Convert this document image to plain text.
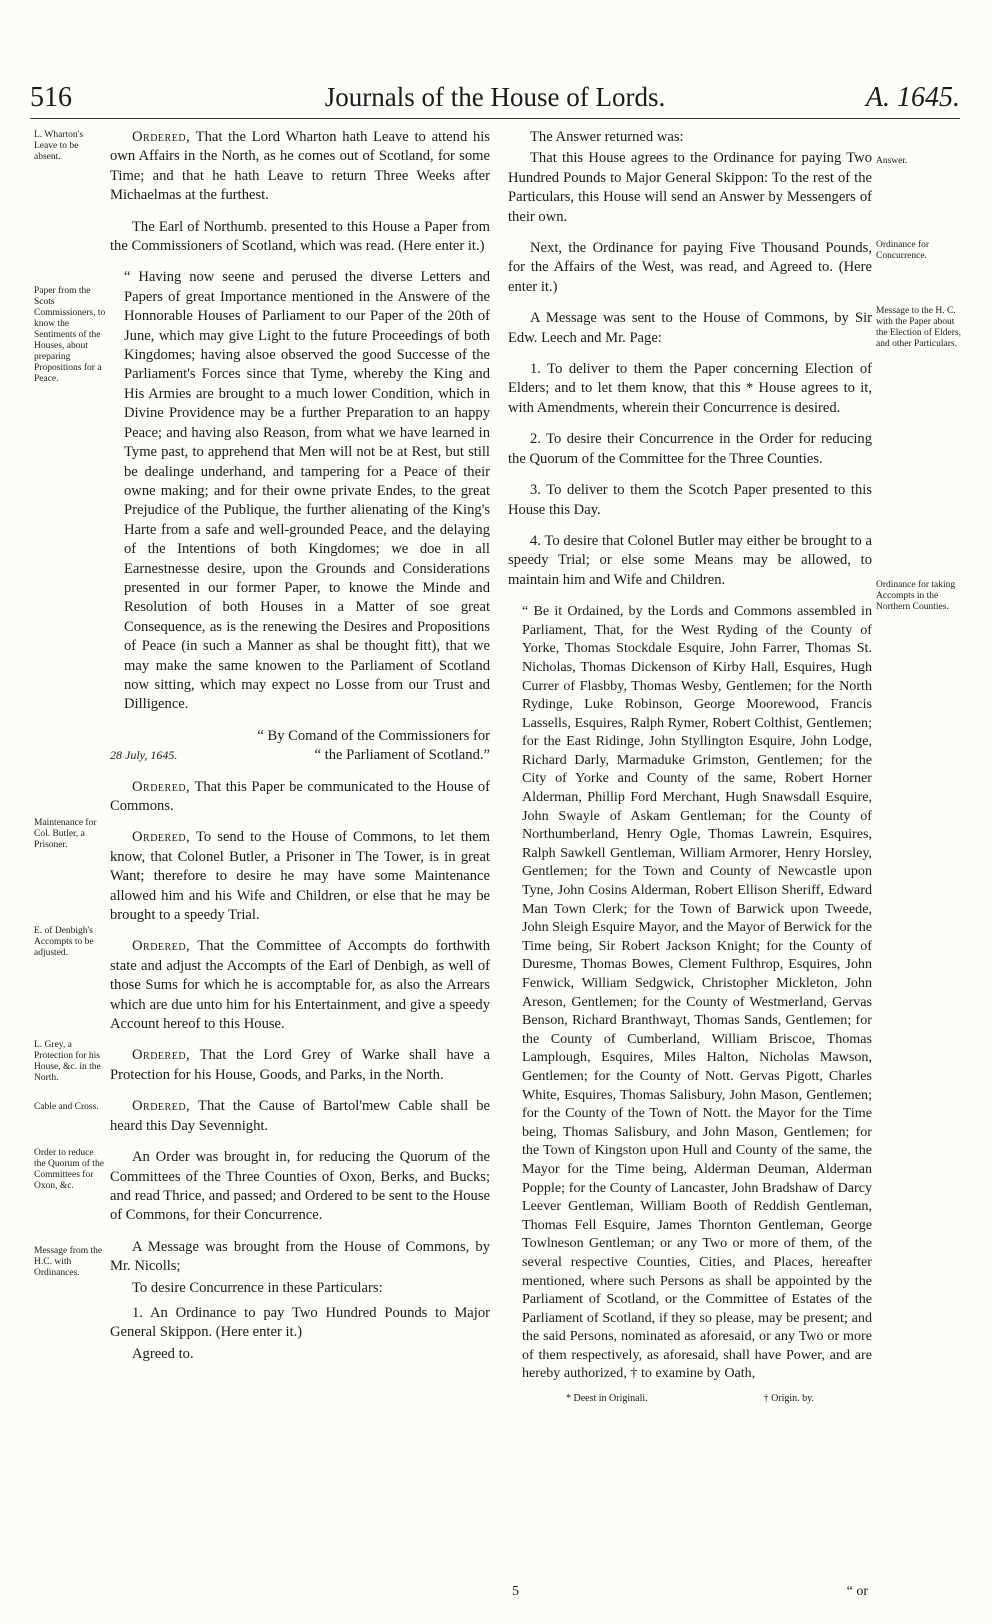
516	Journals of the House of Lords.	A. 1645.
L. Wharton's Leave to be absent.
Paper from the Scots Commissioners, to know the Sentiments of the Houses, about preparing Propositions for a Peace.
Maintenance for Col. Butler, a Prisoner.
E. of Denbigh's Accompts to be adjusted.
L. Grey, a Protection for his House, &c. in the North.
Cable and Cross.
Order to reduce the Quorum of the Committees for Oxon, &c.
Message from the H.C. with Ordinances.
Answer.
Ordinance for Concurrence.
Message to the H. C. with the Paper about the Election of Elders, and other Particulars.
Ordinance for taking Accompts in the Northern Counties.

Ordered, That the Lord Wharton hath Leave to attend his own Affairs in the North, as he comes out of Scotland, for some Time; and that he hath Leave to return Three Weeks after Michaelmas at the furthest.

The Earl of Northumb. presented to this House a Paper from the Commissioners of Scotland, which was read. (Here enter it.)

“ Having now seene and perused the diverse Letters and Papers of great Importance mentioned in the Answere of the Honnorable Houses of Parliament to our Paper of the 20th of June, which may give Light to the future Proceedings of both Kingdomes; having alsoe observed the good Successe of the Parliament's Forces since that Tyme, whereby the King and His Armies are brought to a much lower Condition, which in Divine Providence may be a further Preparation to an happy Peace; and having also Reason, from what we have learned in Tyme past, to apprehend that Men will not be at Rest, but still be dealinge underhand, and tampering for a Peace of their owne making; and for their owne private Endes, to the great Prejudice of the Publique, the further alienating of the King's Harte from a safe and well-grounded Peace, and the delaying of the Intentions of both Kingdomes; we doe in all Earnestnesse desire, upon the Grounds and Considerations presented in our former Paper, to knowe the Minde and Resolution of both Houses in a Matter of soe great Consequence, as is the renewing the Desires and Propositions of Peace (in such a Manner as shal be thought fitt), that we may make the same knowen to the Parliament of Scotland now sitting, which may expect no Losse from our Trust and Dilligence.

“ By Comand of the Commissioners for

28 July, 1645.	“ the Parliament of Scotland.”

Ordered, That this Paper be communicated to the House of Commons.

Ordered, To send to the House of Commons, to let them know, that Colonel Butler, a Prisoner in The Tower, is in great Want; therefore to desire he may have some Maintenance allowed him and his Wife and Children, or else that he may be brought to a speedy Trial.

Ordered, That the Committee of Accompts do forthwith state and adjust the Accompts of the Earl of Denbigh, as well of those Sums for which he is accomptable for, as also the Arrears which are due unto him for his Entertainment, and give a speedy Account hereof to this House.

Ordered, That the Lord Grey of Warke shall have a Protection for his House, Goods, and Parks, in the North.

Ordered, That the Cause of Bartol'mew Cable shall be heard this Day Sevennight.

An Order was brought in, for reducing the Quorum of the Committees of the Three Counties of Oxon, Berks, and Bucks; and read Thrice, and passed; and Ordered to be sent to the House of Commons, for their Concurrence.

A Message was brought from the House of Commons, by Mr. Nicolls;

To desire Concurrence in these Particulars:

1. An Ordinance to pay Two Hundred Pounds to Major General Skippon. (Here enter it.)

Agreed to.

The Answer returned was:

That this House agrees to the Ordinance for paying Two Hundred Pounds to Major General Skippon: To the rest of the Particulars, this House will send an Answer by Messengers of their own.

Next, the Ordinance for paying Five Thousand Pounds, for the Affairs of the West, was read, and Agreed to. (Here enter it.)

A Message was sent to the House of Commons, by Sir Edw. Leech and Mr. Page:

1. To deliver to them the Paper concerning Election of Elders; and to let them know, that this * House agrees to it, with Amendments, wherein their Concurrence is desired.

2. To desire their Concurrence in the Order for reducing the Quorum of the Committee for the Three Counties.

3. To deliver to them the Scotch Paper presented to this House this Day.

4. To desire that Colonel Butler may either be brought to a speedy Trial; or else some Means may be allowed, to maintain him and Wife and Children.

“ Be it Ordained, by the Lords and Commons assembled in Parliament, That, for the West Ryding of the County of Yorke, Thomas Stockdale Esquire, John Farrer, Thomas St. Nicholas, Thomas Dickenson of Kirby Hall, Esquires, Hugh Currer of Flasbby, Thomas Wesby, Gentlemen; for the North Rydinge, Luke Robinson, George Moorewood, Francis Lassells, Esquires, Ralph Rymer, Robert Colthist, Gentlemen; for the East Ridinge, John Styllington Esquire, John Lodge, Richard Darly, Marmaduke Grimston, Gentlemen; for the City of Yorke and County of the same, Robert Horner Alderman, Phillip Ford Merchant, Hugh Snawsdall Esquire, John Swayle of Askam Gentleman; for the County of Northumberland, Henry Ogle, Thomas Lawrein, Esquires, Ralph Sawkell Gentleman, William Armorer, Henry Horsley, Gentlemen; for the Town and County of Newcastle upon Tyne, John Cosins Alderman, Robert Ellison Sheriff, Edward Man Town Clerk; for the Town of Barwick upon Tweede, John Sleigh Esquire Mayor, and the Mayor of Berwick for the Time being, Sir Robert Jackson Knight; for the County of Duresme, Thomas Bowes, Clement Fulthrop, Esquires, John Fenwick, William Sedgwick, Christopher Mickleton, John Areson, Gentlemen; for the County of Westmerland, Gervas Benson, Richard Branthwayt, Thomas Sands, Gentlemen; for the County of Cumberland, William Briscoe, Thomas Lamplough, Esquires, Miles Halton, Nicholas Mawson, Gentlemen; for the County of Nott. Gervas Pigott, Charles White, Esquires, Thomas Salisbury, John Mason, Gentlemen; for the County of the Town of Nott. the Mayor for the Time being, Thomas Salisbury, and John Mason, Gentlemen; for the Town of Kingston upon Hull and County of the same, the Mayor for the Time being, Alderman Deuman, Alderman Popple; for the County of Lancaster, John Bradshaw of Darcy Leever Gentleman, William Booth of Reddish Gentleman, Thomas Fell Esquire, James Thornton Gentleman, George Towlneson Gentleman; or any Two or more of them, of the several respective Counties, Cities, and Places, hereafter mentioned, where such Persons as shall be appointed by the Parliament of Scotland, or the Committee of Estates of the Parliament of Scotland, if they so please, may be present; and the said Persons, nominated as aforesaid, or any Two or more of them respectively, as aforesaid, shall have Power, and are hereby authorized, † to examine by Oath,

* Deest in Originali.	† Origin. by.
5	“ or
